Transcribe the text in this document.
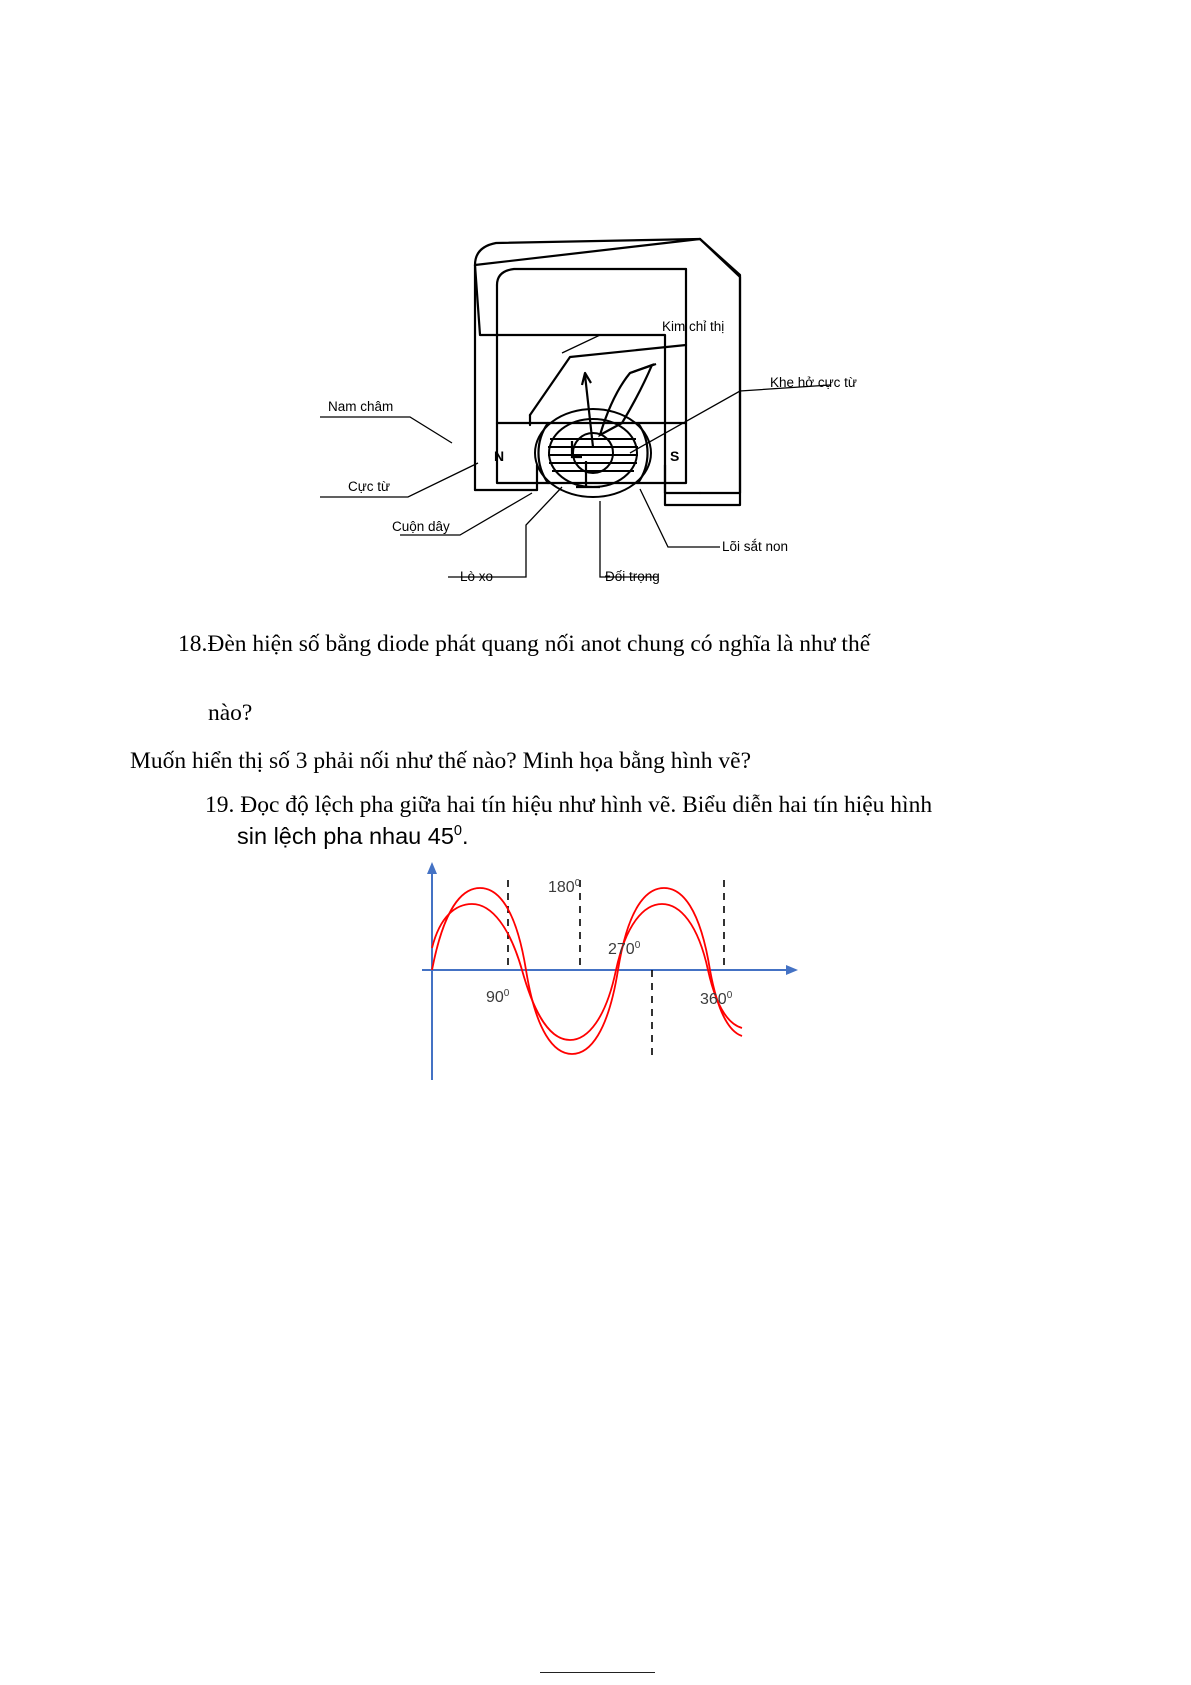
N	S
Kim chỉ thị
Khe hở cực từ
Nam châm
Cực từ
Cuộn dây
Lõi sắt non
Lò xo	Đối trọng
18.Đèn hiện số bằng diode phát quang nối anot chung có nghĩa là như thế
nào?
Muốn hiển thị số 3 phải nối như thế nào? Minh họa bằng hình vẽ?
19. Đọc độ lệch pha giữa hai tín hiệu như hình vẽ. Biểu diễn hai tín hiệu hình
sin lệch pha nhau $45^0$.
$90^0$
$180^0$
$270^0$
$360^0$
